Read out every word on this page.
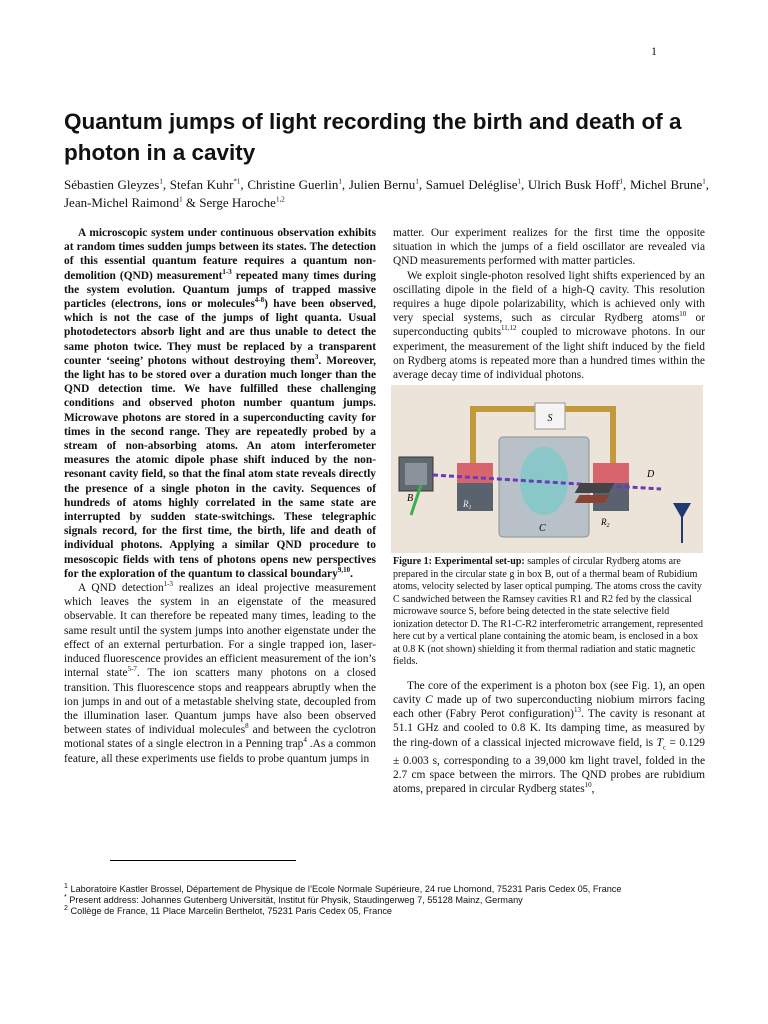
1
Quantum jumps of light recording the birth and death of a photon in a cavity
Sébastien Gleyzes$^1$, Stefan Kuhr$^{*1}$, Christine Guerlin$^1$, Julien Bernu$^1$, Samuel Deléglise$^1$, Ulrich Busk Hoff$^1$, Michel Brune$^1$, Jean-Michel Raimond$^1$ & Serge Haroche$^{1,2}$

A microscopic system under continuous observation exhibits at random times sudden jumps between its states. The detection of this essential quantum feature requires a quantum non-demolition (QND) measurement$^{1-3}$ repeated many times during the system evolution. Quantum jumps of trapped massive particles (electrons, ions or molecules$^{4-8}$) have been observed, which is not the case of the jumps of light quanta. Usual photodetectors absorb light and are thus unable to detect the same photon twice. They must be replaced by a transparent counter ‘seeing’ photons without destroying them$^3$. Moreover, the light has to be stored over a duration much longer than the QND detection time. We have fulfilled these challenging conditions and observed photon number quantum jumps. Microwave photons are stored in a superconducting cavity for times in the second range. They are repeatedly probed by a stream of non-absorbing atoms. An atom interferometer measures the atomic dipole phase shift induced by the non-resonant cavity field, so that the final atom state reveals directly the presence of a single photon in the cavity. Sequences of hundreds of atoms highly correlated in the same state are interrupted by sudden state-switchings. These telegraphic signals record, for the first time, the birth, life and death of individual photons. Applying a similar QND procedure to mesoscopic fields with tens of photons opens new perspectives for the exploration of the quantum to classical boundary$^{9,10}$.

A QND detection$^{1-3}$ realizes an ideal projective measurement which leaves the system in an eigenstate of the measured observable. It can therefore be repeated many times, leading to the same result until the system jumps into another eigenstate under the effect of an external perturbation. For a single trapped ion, laser-induced fluorescence provides an efficient measurement of the ion’s internal state$^{5-7}$. The ion scatters many photons on a closed transition. This fluorescence stops and reappears abruptly when the ion jumps in and out of a metastable shelving state, decoupled from the illumination laser. Quantum jumps have also been observed between states of individual molecules$^8$ and between the cyclotron motional states of a single electron in a Penning trap$^4$ .As a common feature, all these experiments use fields to probe quantum jumps in

matter. Our experiment realizes for the first time the opposite situation in which the jumps of a field oscillator are revealed via QND measurements performed with matter particles.

We exploit single-photon resolved light shifts experienced by an oscillating dipole in the field of a high-Q cavity. This resolution requires a huge dipole polarizability, which is achieved only with very special systems, such as circular Rydberg atoms$^{10}$ or superconducting qubits$^{11,12}$ coupled to microwave photons. In our experiment, the measurement of the light shift induced by the field on Rydberg atoms is repeated more than a hundred times within the average decay time of individual photons.

S
B	$R_1$
C
$R_2$
D
Figure 1: Experimental set-up: samples of circular Rydberg atoms are prepared in the circular state g in box B, out of a thermal beam of Rubidium atoms, velocity selected by laser optical pumping. The atoms cross the cavity C sandwiched between the Ramsey cavities R1 and R2 fed by the classical microwave source S, before being detected in the state selective field ionization detector D. The R1-C-R2 interferometric arrangement, represented here cut by a vertical plane containing the atomic beam, is enclosed in a box at 0.8 K (not shown) shielding it from thermal radiation and static magnetic fields.

The core of the experiment is a photon box (see Fig. 1), an open cavity C made up of two superconducting niobium mirrors facing each other (Fabry Perot configuration)$^{13}$. The cavity is resonant at 51.1 GHz and cooled to 0.8 K. Its damping time, as measured by the ring-down of a classical injected microwave field, is $T_c = 0.129 \pm 0.003$ s, corresponding to a 39,000 km light travel, folded in the 2.7 cm space between the mirrors. The QND probes are rubidium atoms, prepared in circular Rydberg states$^{10}$,

$^1$ Laboratoire Kastler Brossel, Département de Physique de l’Ecole Normale Supérieure, 24 rue Lhomond, 75231 Paris Cedex 05, France
* Present address: Johannes Gutenberg Universität, Institut für Physik, Staudingerweg 7, 55128 Mainz, Germany
$^2$ Collège de France, 11 Place Marcelin Berthelot, 75231 Paris Cedex 05, France
